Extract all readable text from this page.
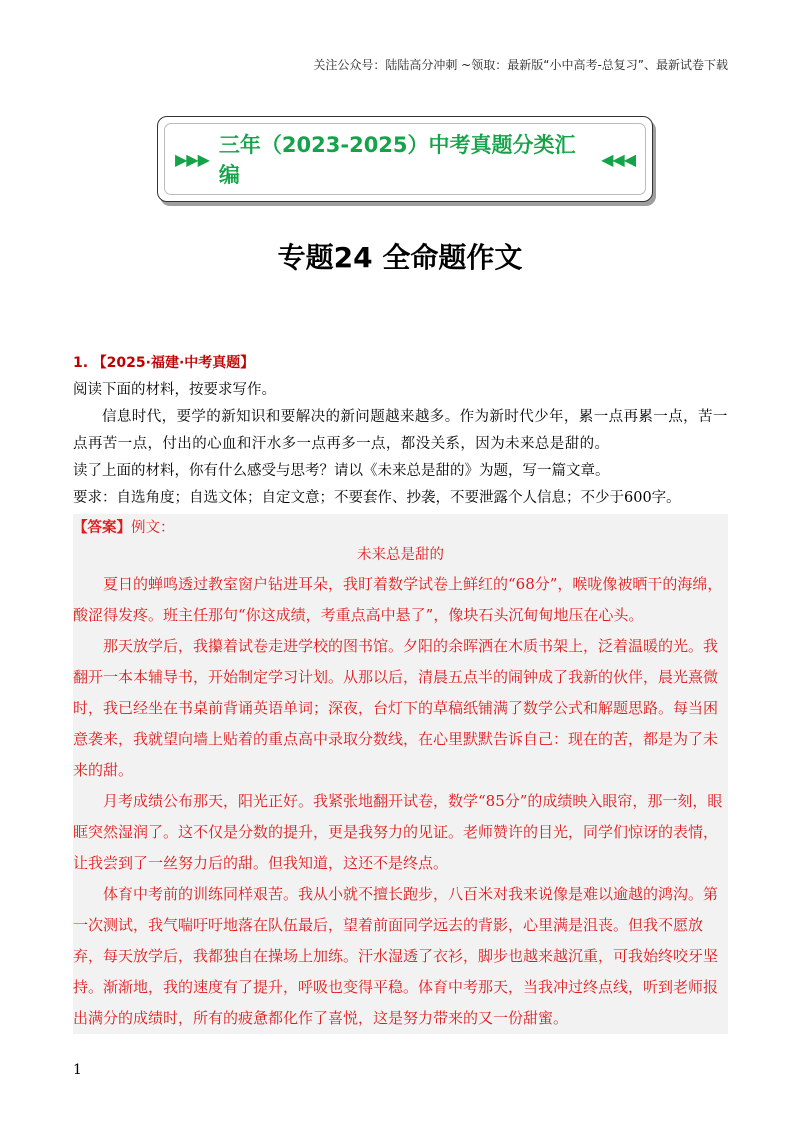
关注公众号：陆陆高分冲刺 ~领取：最新版“小中高考-总复习”、最新试卷下载
▶▶▶
三年（2023-2025）中考真题分类汇编
◀◀◀
专题24 全命题作文

1. 【2025·福建·中考真题】

阅读下面的材料，按要求写作。

信息时代，要学的新知识和要解决的新问题越来越多。作为新时代少年，累一点再累一点，苦一点再苦一点，付出的心血和汗水多一点再多一点，都没关系，因为未来总是甜的。

读了上面的材料，你有什么感受与思考？请以《未来总是甜的》为题，写一篇文章。

要求：自选角度；自选文体；自定文意；不要套作、抄袭，不要泄露个人信息；不少于600字。

【答案】例文：

未来总是甜的

夏日的蝉鸣透过教室窗户钻进耳朵，我盯着数学试卷上鲜红的“68分”，喉咙像被晒干的海绵，酸涩得发疼。班主任那句“你这成绩，考重点高中悬了”，像块石头沉甸甸地压在心头。

那天放学后，我攥着试卷走进学校的图书馆。夕阳的余晖洒在木质书架上，泛着温暖的光。我翻开一本本辅导书，开始制定学习计划。从那以后，清晨五点半的闹钟成了我新的伙伴，晨光熹微时，我已经坐在书桌前背诵英语单词；深夜，台灯下的草稿纸铺满了数学公式和解题思路。每当困意袭来，我就望向墙上贴着的重点高中录取分数线，在心里默默告诉自己：现在的苦，都是为了未来的甜。

月考成绩公布那天，阳光正好。我紧张地翻开试卷，数学“85分”的成绩映入眼帘，那一刻，眼眶突然湿润了。这不仅是分数的提升，更是我努力的见证。老师赞许的目光，同学们惊讶的表情，让我尝到了一丝努力后的甜。但我知道，这还不是终点。

体育中考前的训练同样艰苦。我从小就不擅长跑步，八百米对我来说像是难以逾越的鸿沟。第一次测试，我气喘吁吁地落在队伍最后，望着前面同学远去的背影，心里满是沮丧。但我不愿放弃，每天放学后，我都独自在操场上加练。汗水湿透了衣衫，脚步也越来越沉重，可我始终咬牙坚持。渐渐地，我的速度有了提升，呼吸也变得平稳。体育中考那天，当我冲过终点线，听到老师报出满分的成绩时，所有的疲惫都化作了喜悦，这是努力带来的又一份甜蜜。

1
